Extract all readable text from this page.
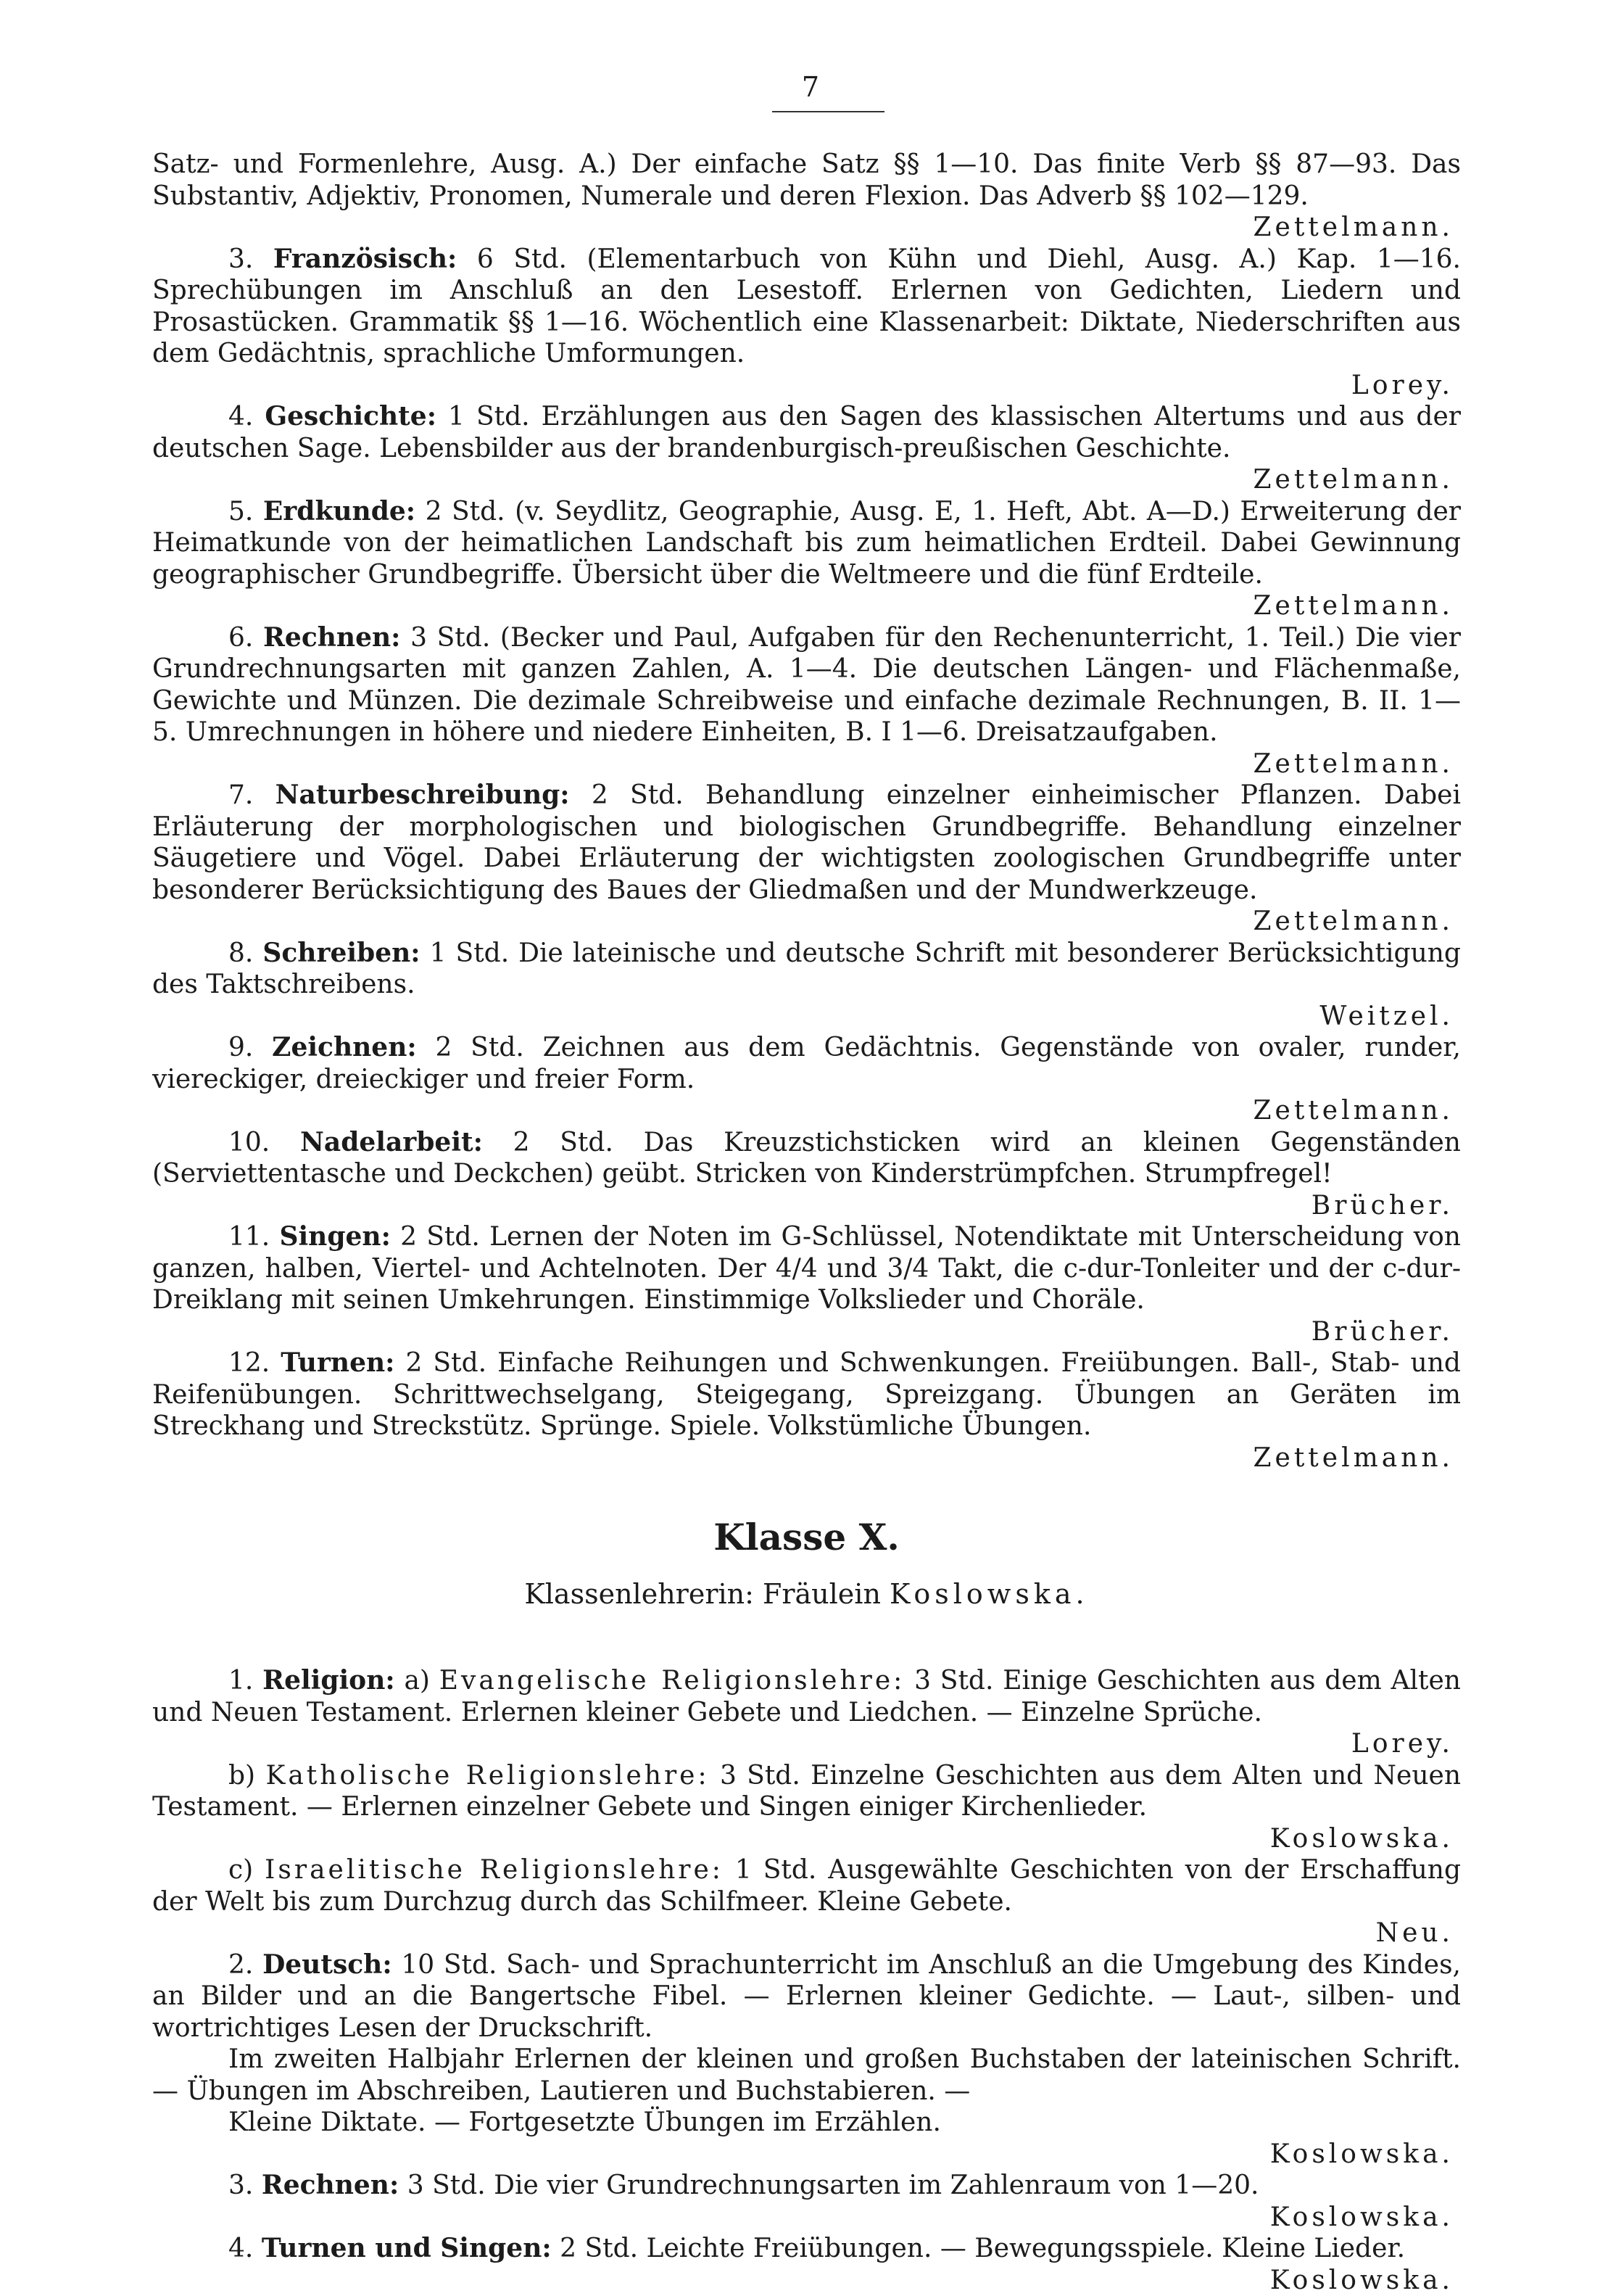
7

Satz- und Formenlehre, Ausg. A.) Der einfache Satz §§ 1—10. Das finite Verb §§ 87—93. Das Substantiv, Adjektiv, Pronomen, Numerale und deren Flexion. Das Adverb §§ 102—129.

Zettelmann.

3. Französisch: 6 Std. (Elementarbuch von Kühn und Diehl, Ausg. A.) Kap. 1—16. Sprechübungen im Anschluß an den Lesestoff. Erlernen von Gedichten, Liedern und Prosastücken. Grammatik §§ 1—16. Wöchentlich eine Klassenarbeit: Diktate, Niederschriften aus dem Gedächtnis, sprachliche Umformungen.

Lorey.

4. Geschichte: 1 Std. Erzählungen aus den Sagen des klassischen Altertums und aus der deutschen Sage. Lebensbilder aus der brandenburgisch-preußischen Geschichte.

Zettelmann.

5. Erdkunde: 2 Std. (v. Seydlitz, Geographie, Ausg. E, 1. Heft, Abt. A—D.) Erweiterung der Heimatkunde von der heimatlichen Landschaft bis zum heimatlichen Erdteil. Dabei Gewinnung geographischer Grundbegriffe. Übersicht über die Weltmeere und die fünf Erdteile.

Zettelmann.

6. Rechnen: 3 Std. (Becker und Paul, Aufgaben für den Rechenunterricht, 1. Teil.) Die vier Grundrechnungsarten mit ganzen Zahlen, A. 1—4. Die deutschen Längen- und Flächenmaße, Gewichte und Münzen. Die dezimale Schreibweise und einfache dezimale Rechnungen, B. II. 1—5. Umrechnungen in höhere und niedere Einheiten, B. I 1—6. Dreisatzaufgaben.

Zettelmann.

7. Naturbeschreibung: 2 Std. Behandlung einzelner einheimischer Pflanzen. Dabei Erläuterung der morphologischen und biologischen Grundbegriffe. Behandlung einzelner Säugetiere und Vögel. Dabei Erläuterung der wichtigsten zoologischen Grundbegriffe unter besonderer Berücksichtigung des Baues der Gliedmaßen und der Mundwerkzeuge.

Zettelmann.

8. Schreiben: 1 Std. Die lateinische und deutsche Schrift mit besonderer Berücksichtigung des Taktschreibens.

Weitzel.

9. Zeichnen: 2 Std. Zeichnen aus dem Gedächtnis. Gegenstände von ovaler, runder, viereckiger, dreieckiger und freier Form.

Zettelmann.

10. Nadelarbeit: 2 Std. Das Kreuzstichsticken wird an kleinen Gegenständen (Serviettentasche und Deckchen) geübt. Stricken von Kinderstrümpfchen. Strumpfregel!

Brücher.

11. Singen: 2 Std. Lernen der Noten im G-Schlüssel, Notendiktate mit Unterscheidung von ganzen, halben, Viertel- und Achtelnoten. Der 4/4 und 3/4 Takt, die c-dur-Tonleiter und der c-dur-Dreiklang mit seinen Umkehrungen. Einstimmige Volkslieder und Choräle.

Brücher.

12. Turnen: 2 Std. Einfache Reihungen und Schwenkungen. Freiübungen. Ball-, Stab- und Reifenübungen. Schrittwechselgang, Steigegang, Spreizgang. Übungen an Geräten im Streckhang und Streckstütz. Sprünge. Spiele. Volkstümliche Übungen.

Zettelmann.
Klasse X.
Klassenlehrerin: Fräulein Koslowska.

1. Religion: a) Evangelische Religionslehre: 3 Std. Einige Geschichten aus dem Alten und Neuen Testament. Erlernen kleiner Gebete und Liedchen. — Einzelne Sprüche.

Lorey.

b) Katholische Religionslehre: 3 Std. Einzelne Geschichten aus dem Alten und Neuen Testament. — Erlernen einzelner Gebete und Singen einiger Kirchenlieder.

Koslowska.

c) Israelitische Religionslehre: 1 Std. Ausgewählte Geschichten von der Erschaffung der Welt bis zum Durchzug durch das Schilfmeer. Kleine Gebete.

Neu.

2. Deutsch: 10 Std. Sach- und Sprachunterricht im Anschluß an die Umgebung des Kindes, an Bilder und an die Bangertsche Fibel. — Erlernen kleiner Gedichte. — Laut-, silben- und wortrichtiges Lesen der Druckschrift.

Im zweiten Halbjahr Erlernen der kleinen und großen Buchstaben der lateinischen Schrift. — Übungen im Abschreiben, Lautieren und Buchstabieren. —

Kleine Diktate. — Fortgesetzte Übungen im Erzählen.

Koslowska.

3. Rechnen: 3 Std. Die vier Grundrechnungsarten im Zahlenraum von 1—20.

Koslowska.

4. Turnen und Singen: 2 Std. Leichte Freiübungen. — Bewegungsspiele. Kleine Lieder.

Koslowska.
